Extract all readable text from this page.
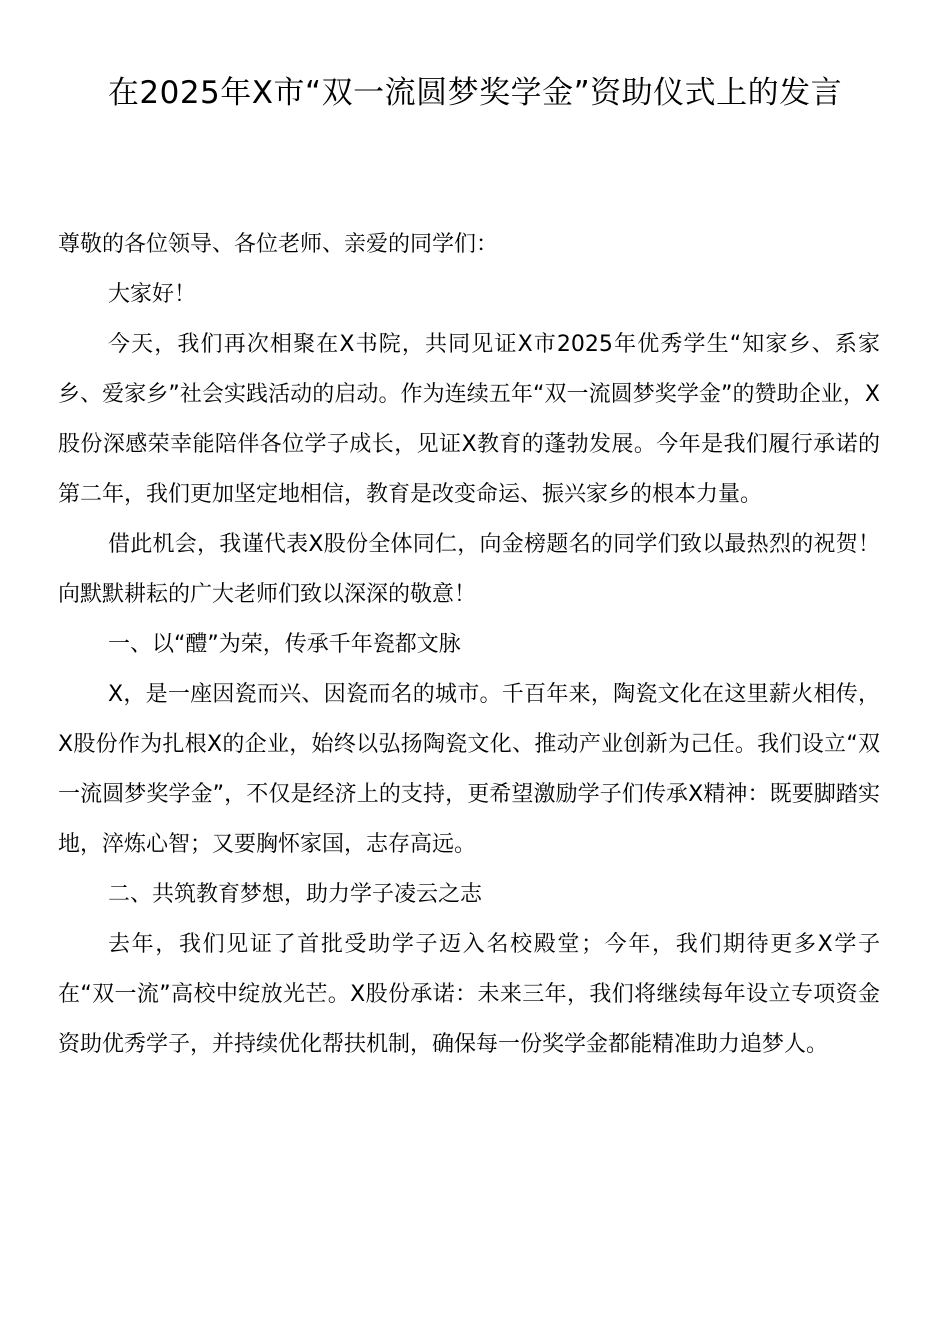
在2025年X市“双一流圆梦奖学金”资助仪式上的发言

尊敬的各位领导、各位老师、亲爱的同学们：

大家好！

今天，我们再次相聚在X书院，共同见证X市2025年优秀学生“知家乡、系家乡、爱家乡”社会实践活动的启动。作为连续五年“双一流圆梦奖学金”的赞助企业，X股份深感荣幸能陪伴各位学子成长，见证X教育的蓬勃发展。今年是我们履行承诺的第二年，我们更加坚定地相信，教育是改变命运、振兴家乡的根本力量。

借此机会，我谨代表X股份全体同仁，向金榜题名的同学们致以最热烈的祝贺！向默默耕耘的广大老师们致以深深的敬意！

一、以“醴”为荣，传承千年瓷都文脉

X，是一座因瓷而兴、因瓷而名的城市。千百年来，陶瓷文化在这里薪火相传，X股份作为扎根X的企业，始终以弘扬陶瓷文化、推动产业创新为己任。我们设立“双一流圆梦奖学金”，不仅是经济上的支持，更希望激励学子们传承X精神：既要脚踏实地，淬炼心智；又要胸怀家国，志存高远。

二、共筑教育梦想，助力学子凌云之志

去年，我们见证了首批受助学子迈入名校殿堂；今年，我们期待更多X学子在“双一流”高校中绽放光芒。X股份承诺：未来三年，我们将继续每年设立专项资金资助优秀学子，并持续优化帮扶机制，确保每一份奖学金都能精准助力追梦人。
